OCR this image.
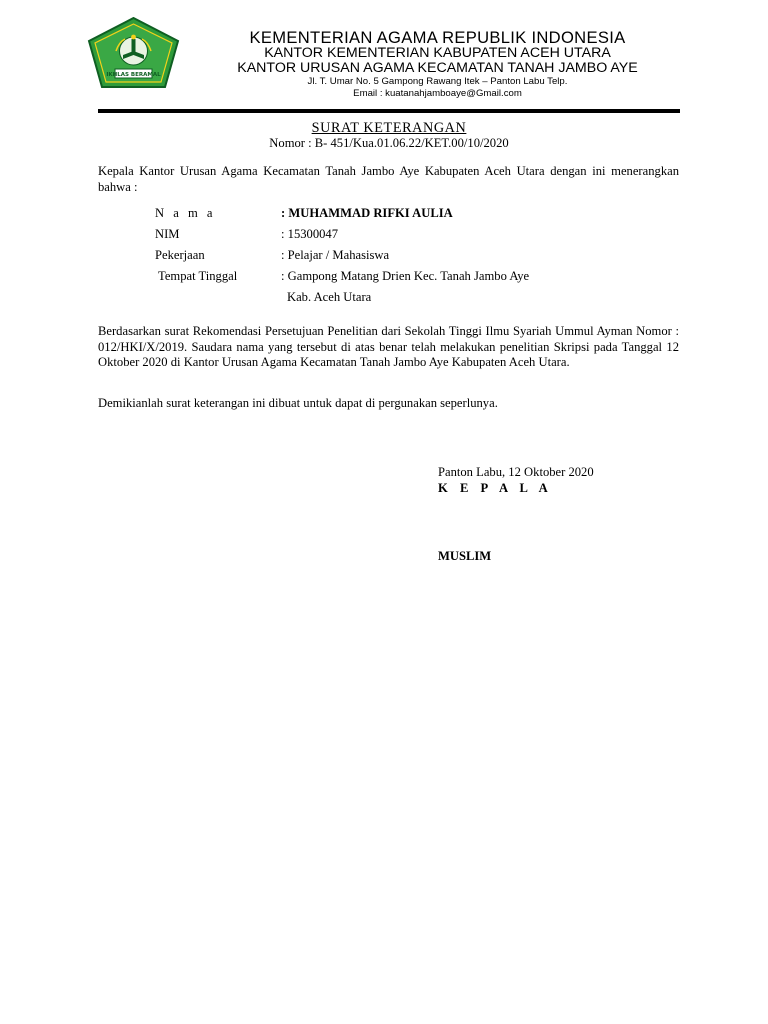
IKHLAS BERAMAL
KEMENTERIAN AGAMA REPUBLIK INDONESIA
KANTOR KEMENTERIAN KABUPATEN ACEH UTARA
KANTOR URUSAN AGAMA KECAMATAN TANAH JAMBO AYE
Jl. T. Umar No. 5 Gampong Rawang Itek – Panton Labu Telp.
Email : kuatanahjamboaye@Gmail.com
SURAT KETERANGAN
Nomor : B- 451/Kua.01.06.22/KET.00/10/2020
Kepala Kantor Urusan Agama Kecamatan Tanah Jambo Aye Kabupaten Aceh Utara dengan ini menerangkan bahwa :
N a m a	: MUHAMMAD RIFKI AULIA
NIM	: 15300047
Pekerjaan	: Pelajar / Mahasiswa
Tempat Tinggal	: Gampong Matang Drien Kec. Tanah Jambo Aye
Kab. Aceh Utara
Berdasarkan surat Rekomendasi Persetujuan Penelitian dari Sekolah Tinggi Ilmu Syariah Ummul Ayman Nomor : 012/HKI/X/2019. Saudara nama yang tersebut di atas benar telah melakukan penelitian Skripsi pada Tanggal 12 Oktober 2020 di Kantor Urusan Agama Kecamatan Tanah Jambo Aye Kabupaten Aceh Utara.
Demikianlah surat keterangan ini dibuat untuk dapat di pergunakan seperlunya.
Panton Labu, 12 Oktober 2020
K E P A L A
MUSLIM
